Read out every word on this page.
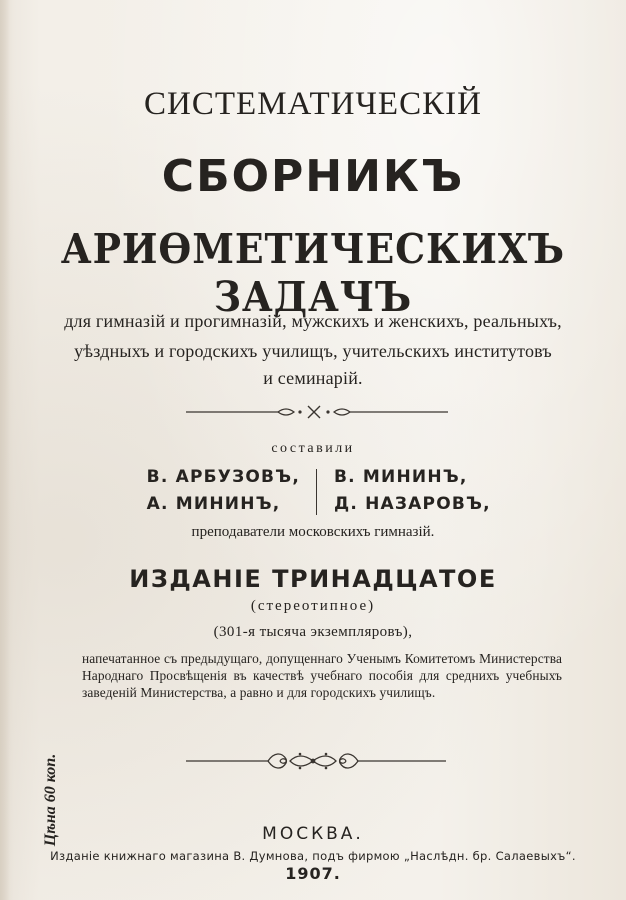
СИСТЕМАТИЧЕСКІЙ
СБОРНИКЪ
АРИѲМЕТИЧЕСКИХЪ ЗАДАЧЪ
для гимназій и прогимназій, мужскихъ и женскихъ, реальныхъ,
уѣздныхъ и городскихъ училищъ, учительскихъ институтовъ
и семинарій.
составили
В. АРБУЗОВЪ,
А. МИНИНЪ,
В. МИНИНЪ,
Д. НАЗАРОВЪ,
преподаватели московскихъ гимназій.
ИЗДАНІЕ ТРИНАДЦАТОЕ
(стереотипное)
(301-я тысяча экземпляровъ),
напечатанное съ предыдущаго, допущеннаго Ученымъ Комитетомъ Министерства Народнаго Просвѣщенія въ качествѣ учебнаго пособія для среднихъ учебныхъ заведеній Министерства, а равно и для городскихъ училищъ.
Цѣна 60 коп.	МОСКВА.
Изданіе книжнаго магазина В. Думнова, подъ фирмою „Наслѣдн. бр. Салаевыхъ“.
1907.
